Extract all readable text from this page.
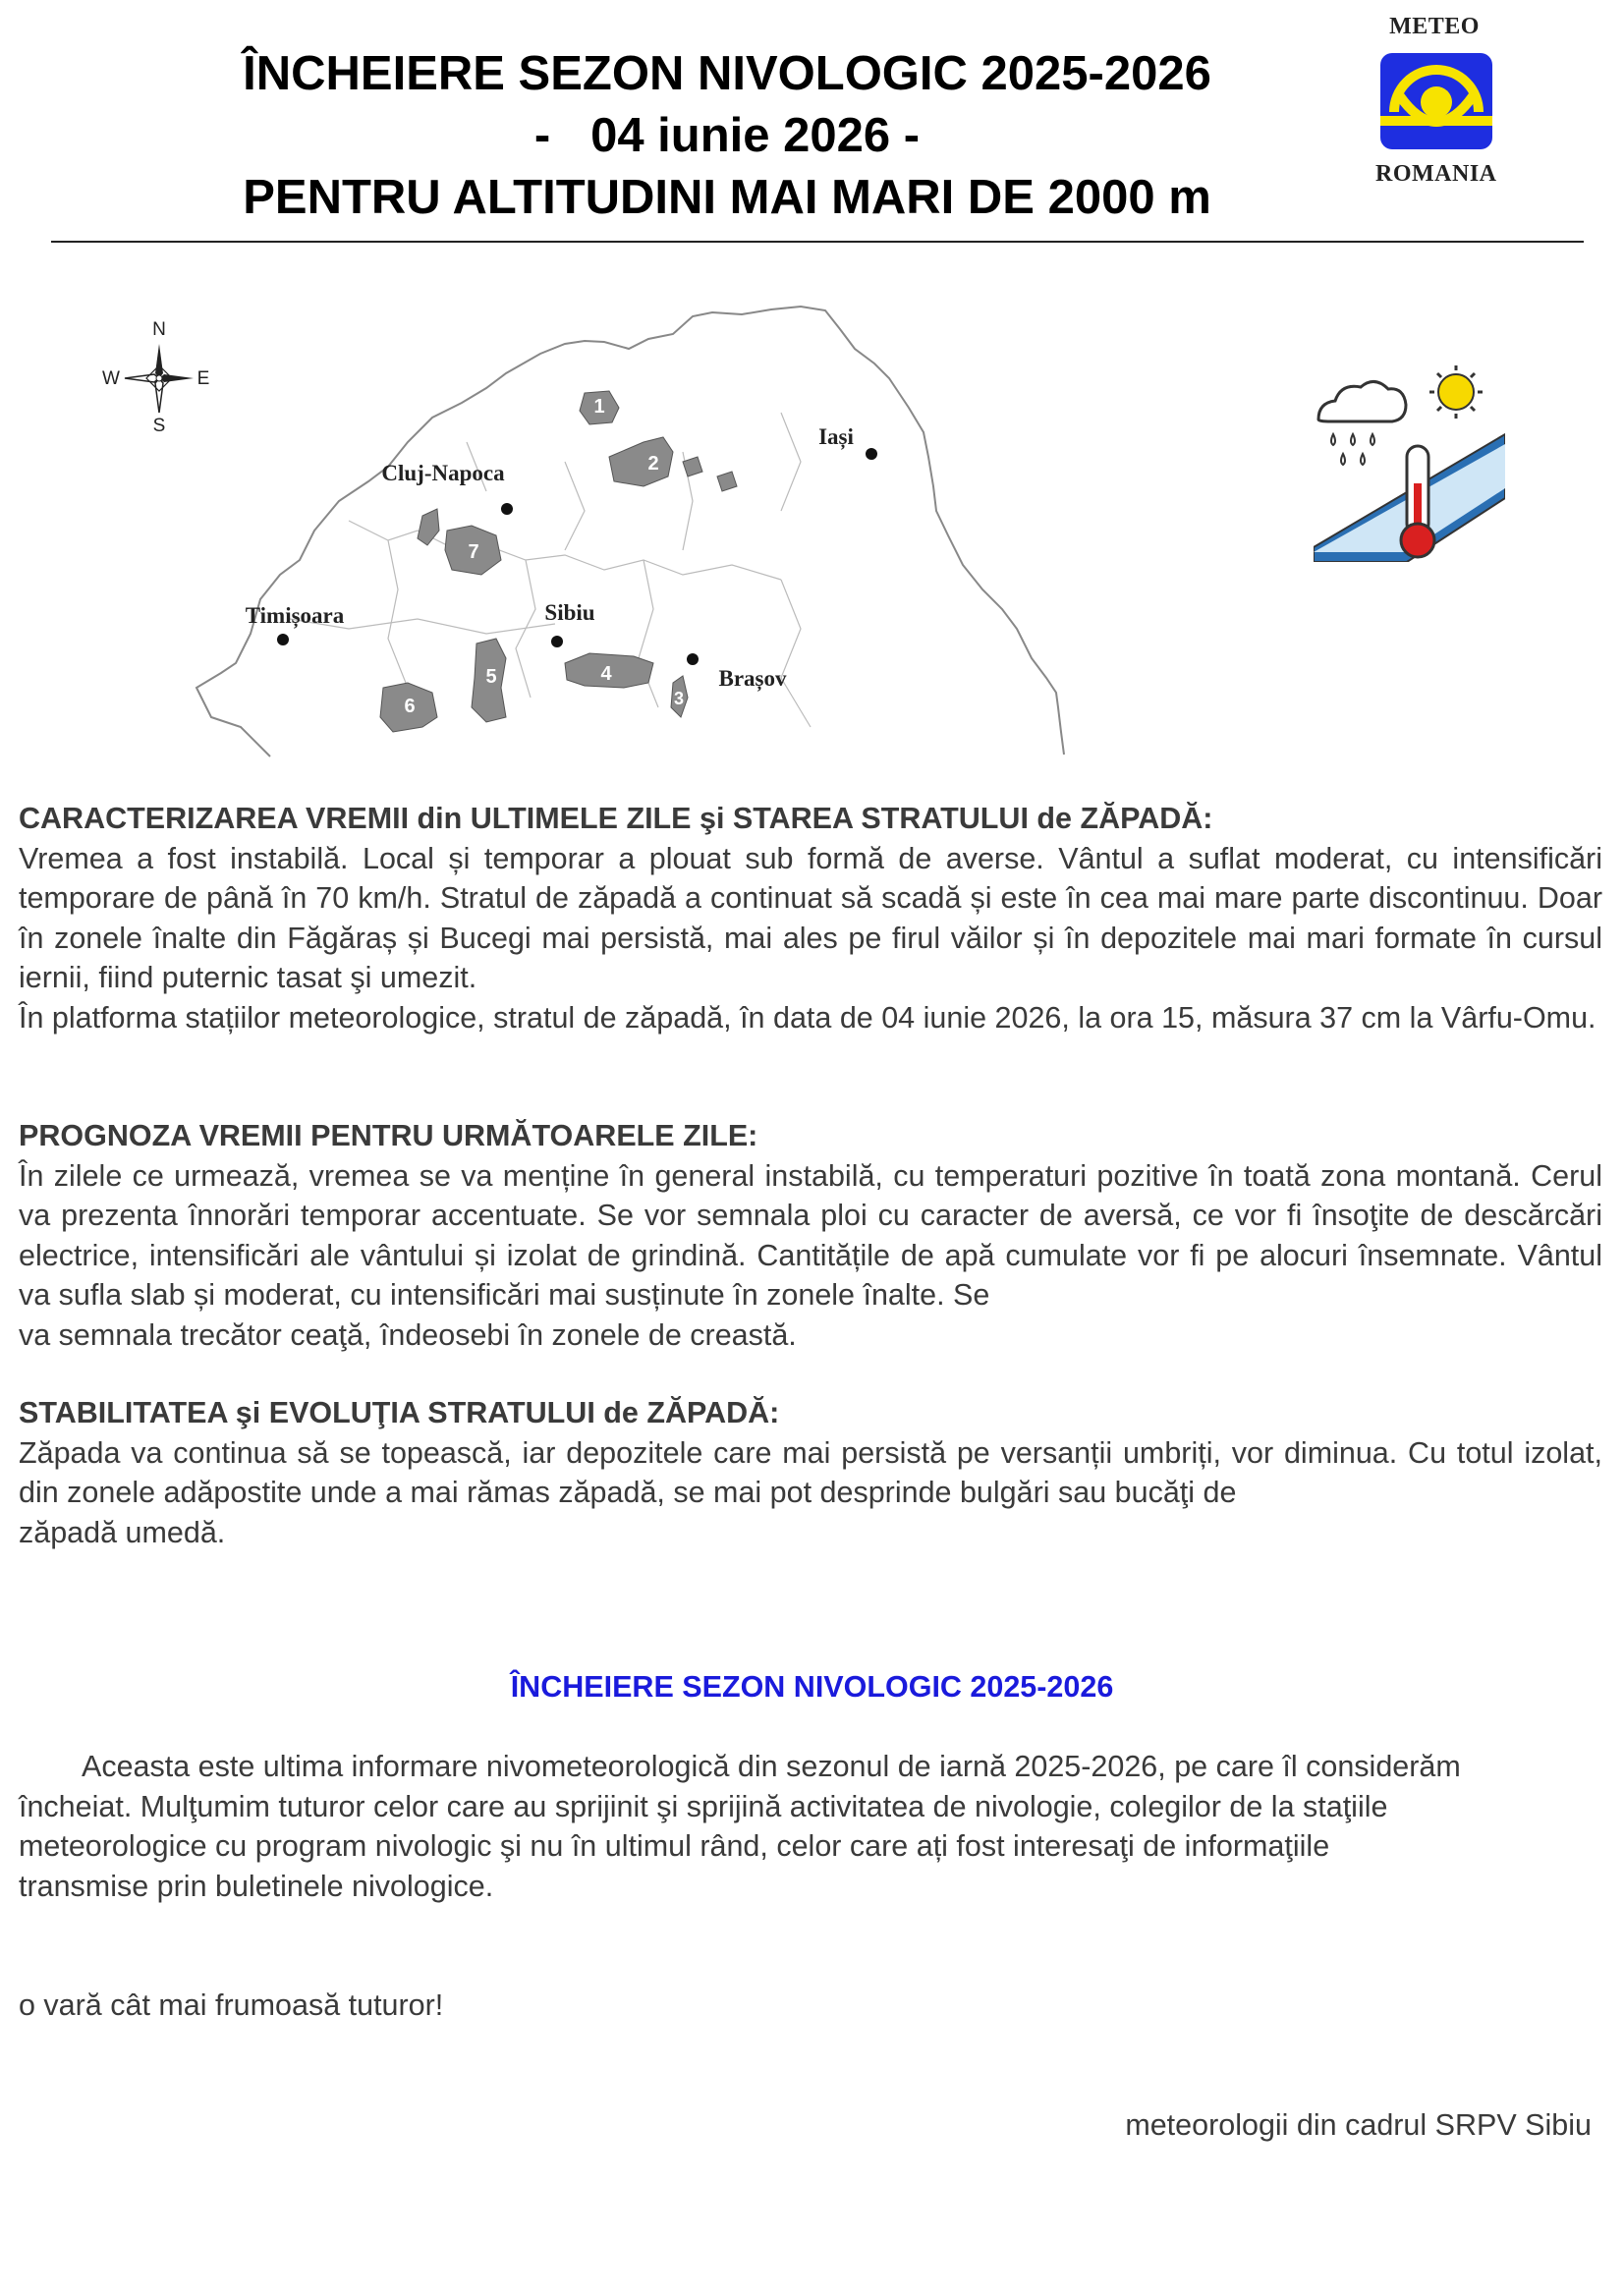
ÎNCHEIERE SEZON NIVOLOGIC 2025-2026
-   04 iunie 2026 -
PENTRU ALTITUDINI MAI MARI DE 2000 m
METEO
ROMANIA
N
S
W	E
1
2
3
4
5
6
7
Cluj-Napoca
Iași
Sibiu
Timișoara
Brașov
CARACTERIZAREA VREMII din ULTIMELE ZILE şi STAREA STRATULUI de ZĂPADĂ:

Vremea a fost instabilă. Local și temporar a plouat sub formă de averse. Vântul a suflat moderat, cu intensificări temporare de până în 70 km/h. Stratul de zăpadă a continuat să scadă și este în cea mai mare parte discontinuu. Doar în zonele înalte din Făgăraș și Bucegi mai persistă, mai ales pe firul văilor și în depozitele mai mari formate în cursul iernii, fiind puternic tasat şi umezit.

În platforma stațiilor meteorologice, stratul de zăpadă, în data de 04 iunie 2026, la ora 15, măsura 37 cm la Vârfu-Omu.

PROGNOZA VREMII PENTRU URMĂTOARELE ZILE:

În zilele ce urmează, vremea se va menține în general instabilă, cu temperaturi pozitive în toată zona montană. Cerul va prezenta înnorări temporar accentuate. Se vor semnala ploi cu caracter de aversă, ce vor fi însoţite de descărcări electrice, intensificări ale vântului și izolat de grindină. Cantitățile de apă cumulate vor fi pe alocuri însemnate. Vântul va sufla slab și moderat, cu intensificări mai susținute în zonele înalte. Se

va semnala trecător ceaţă, îndeosebi în zonele de creastă.

STABILITATEA şi EVOLUŢIA STRATULUI de ZĂPADĂ:

Zăpada va continua să se topească, iar depozitele care mai persistă pe versanții umbriți, vor diminua. Cu totul izolat, din zonele adăpostite unde a mai rămas zăpadă, se mai pot desprinde bulgări sau bucăţi de

zăpadă umedă.

ÎNCHEIERE SEZON NIVOLOGIC 2025-2026
Aceasta este ultima informare nivometeorologică din sezonul de iarnă 2025-2026, pe care îl considerăm
încheiat. Mulţumim tuturor celor care au sprijinit şi sprijină activitatea de nivologie, colegilor de la staţiile
meteorologice cu program nivologic şi nu în ultimul rând, celor care ați fost interesaţi de informaţiile
transmise prin buletinele nivologice.
o vară cât mai frumoasă tuturor!
meteorologii din cadrul SRPV Sibiu
